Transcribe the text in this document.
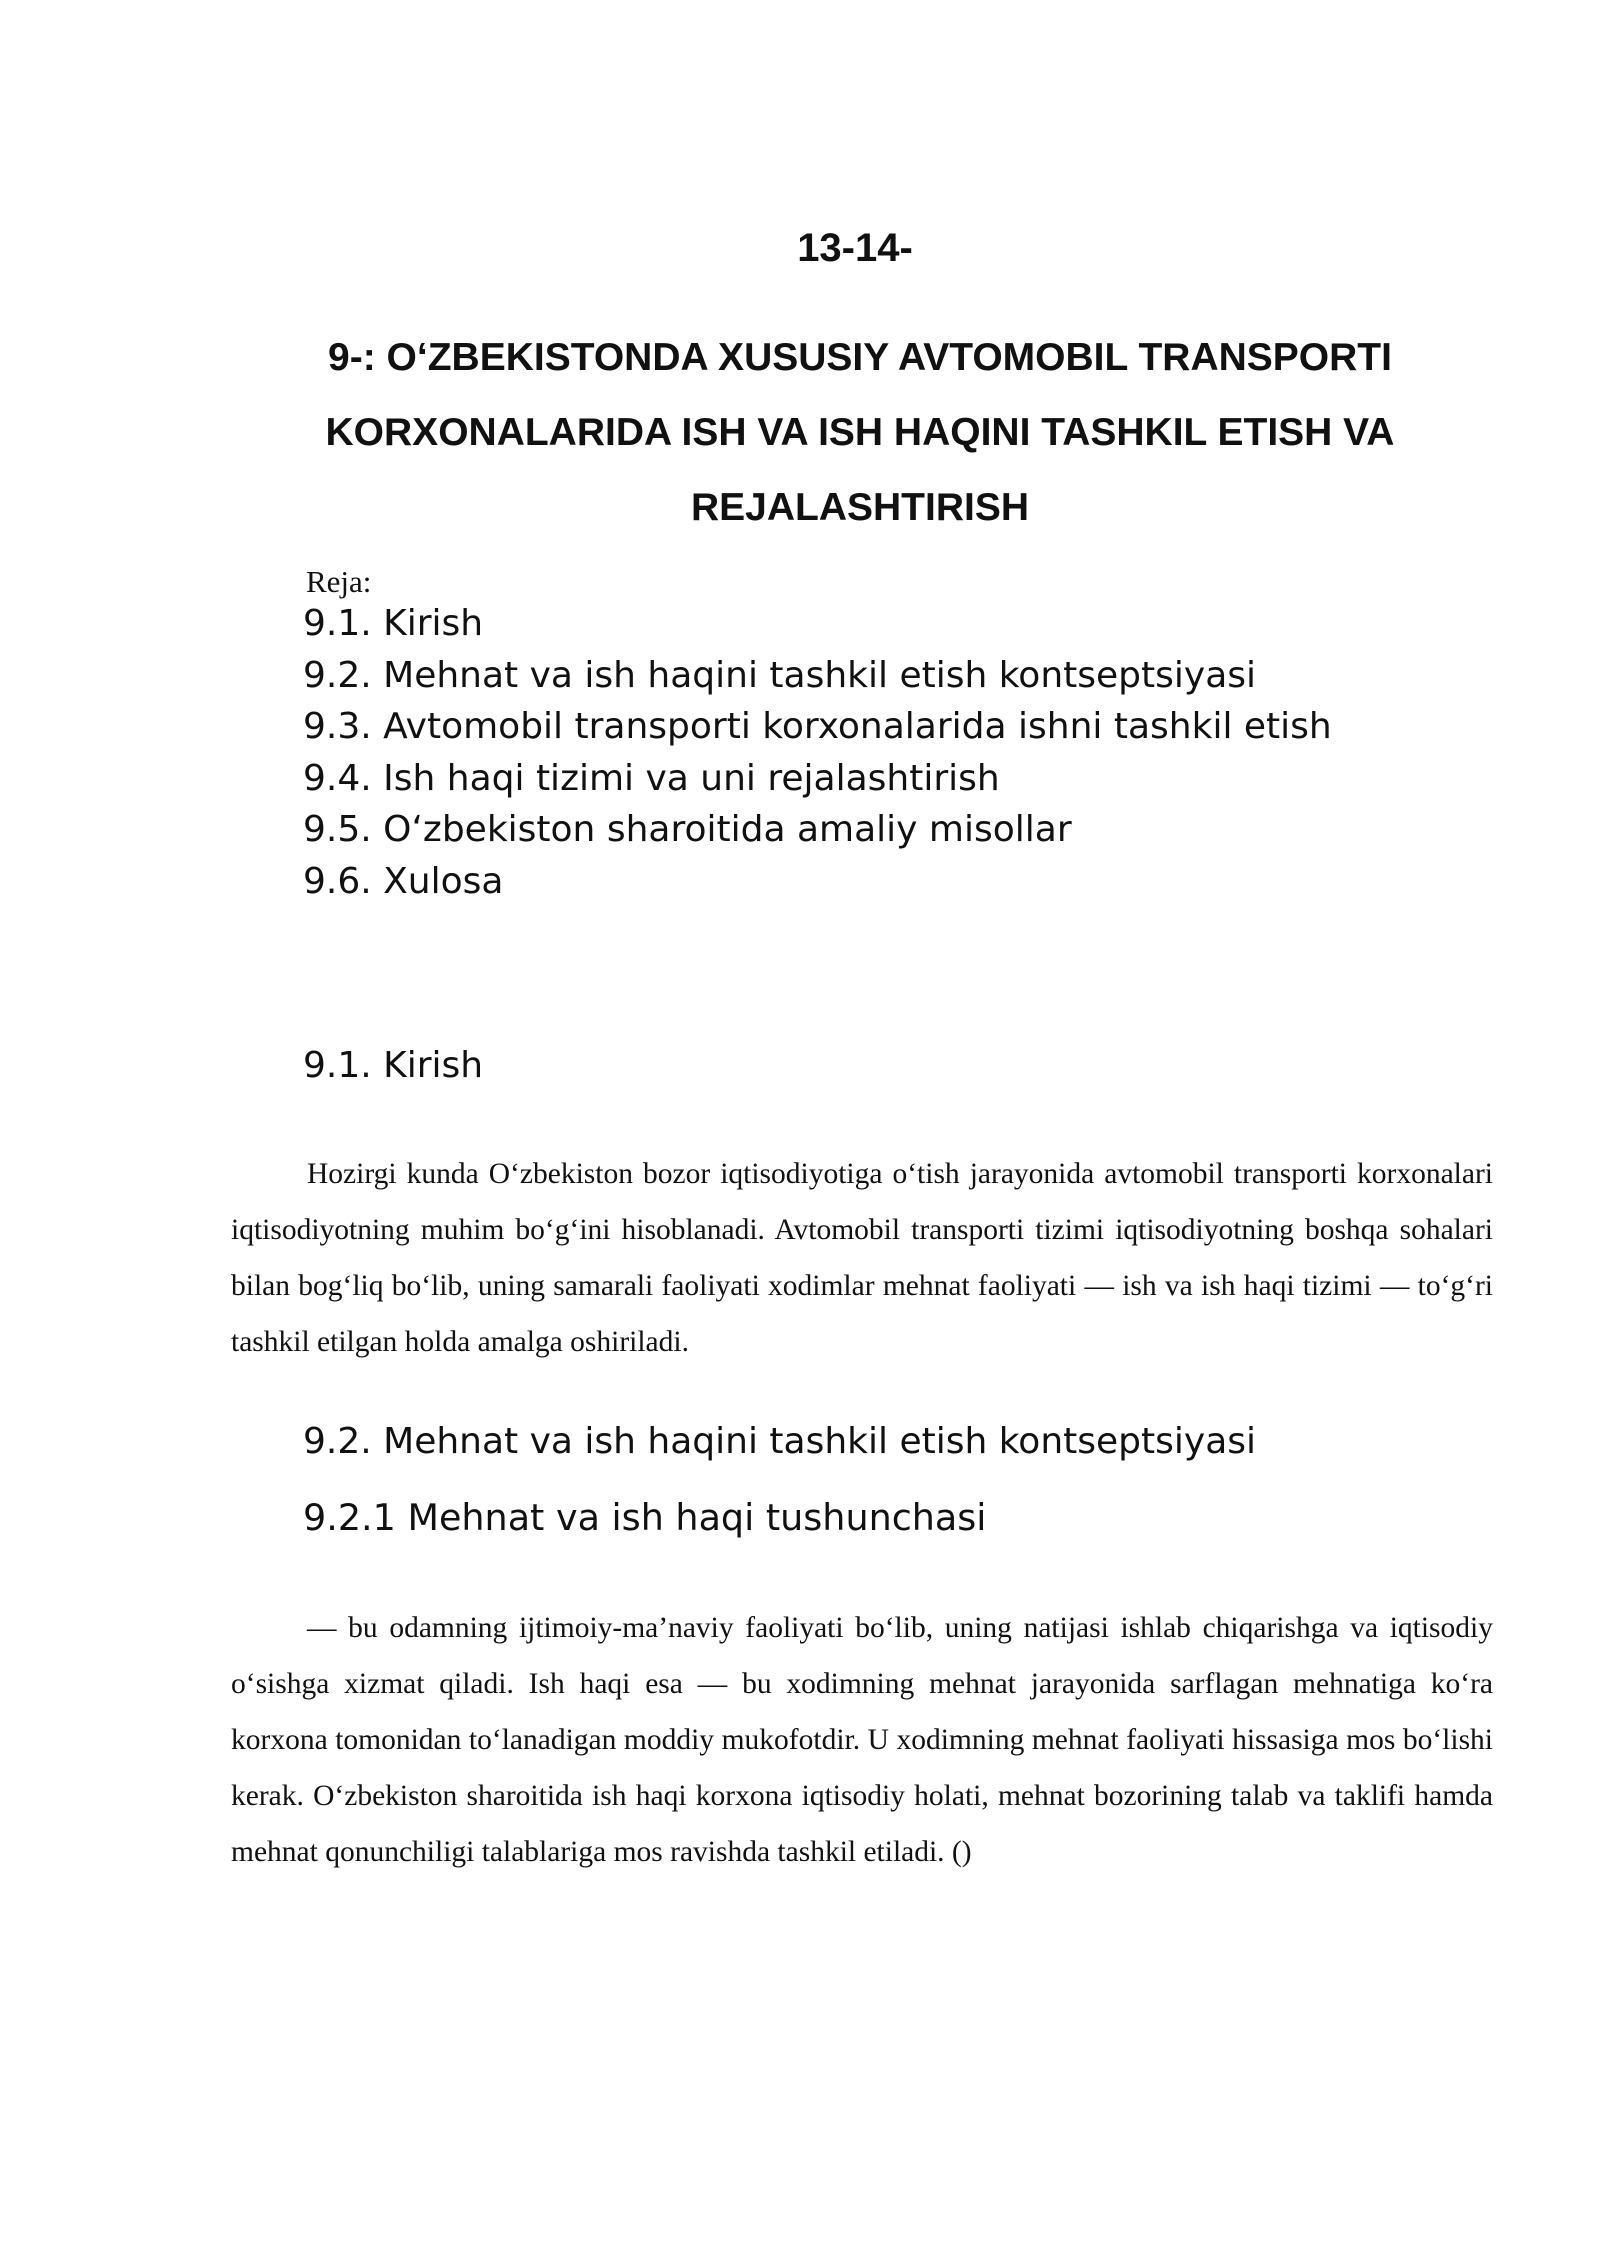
13-14-
9-: O‘ZBEKISTONDA XUSUSIY AVTOMOBIL TRANSPORTI
KORXONALARIDA ISH VA ISH HAQINI TASHKIL ETISH VA
REJALASHTIRISH

Reja:

9.1. Kirish
9.2. Mehnat va ish haqini tashkil etish kontseptsiyasi
9.3. Avtomobil transporti korxonalarida ishni tashkil etish
9.4. Ish haqi tizimi va uni rejalashtirish
9.5. O‘zbekiston sharoitida amaliy misollar
9.6. Xulosa
9.1. Kirish

Hozirgi kunda O‘zbekiston bozor iqtisodiyotiga o‘tish jarayonida avtomobil transporti korxonalari iqtisodiyotning muhim bo‘g‘ini hisoblanadi. Avtomobil transporti tizimi iqtisodiyotning boshqa sohalari bilan bog‘liq bo‘lib, uning samarali faoliyati xodimlar mehnat faoliyati — ish va ish haqi tizimi — to‘g‘ri tashkil etilgan holda amalga oshiriladi.

9.2. Mehnat va ish haqini tashkil etish kontseptsiyasi
9.2.1 Mehnat va ish haqi tushunchasi

— bu odamning ijtimoiy-ma’naviy faoliyati bo‘lib, uning natijasi ishlab chiqarishga va iqtisodiy o‘sishga xizmat qiladi. Ish haqi esa — bu xodimning mehnat jarayonida sarflagan mehnatiga ko‘ra korxona tomonidan to‘lanadigan moddiy mukofotdir. U xodimning mehnat faoliyati hissasiga mos bo‘lishi kerak. O‘zbekiston sharoitida ish haqi korxona iqtisodiy holati, mehnat bozorining talab va taklifi hamda mehnat qonunchiligi talablariga mos ravishda tashkil etiladi. ()
